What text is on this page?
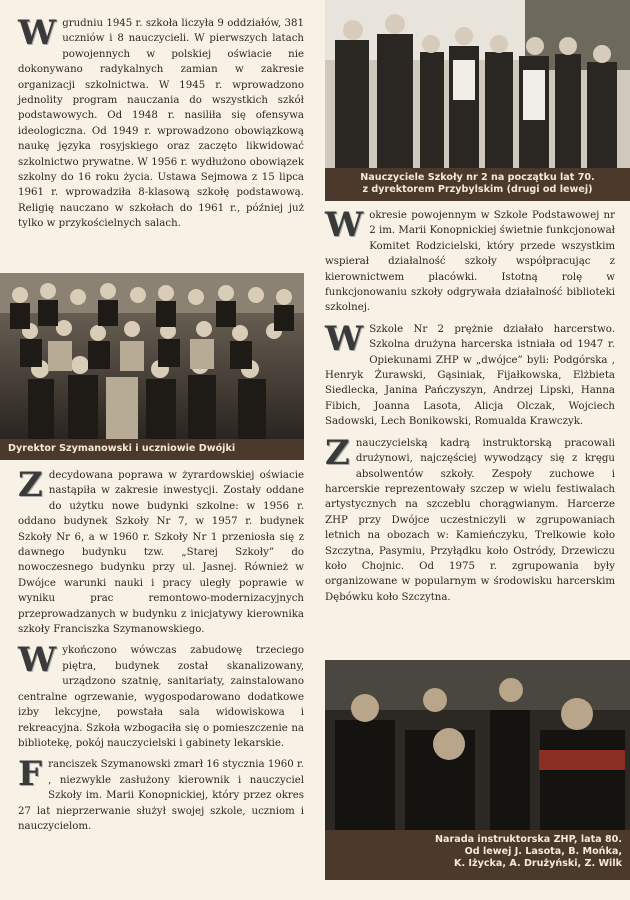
Wgrudniu 1945 r. szkoła liczyła 9 oddziałów, 381 uczniów i 8 nauczycieli. W pierwszych latach powojennych w polskiej oświacie nie dokonywano radykalnych zamian w zakresie organizacji szkolnictwa. W 1945 r. wprowadzono jednolity program nauczania do wszystkich szkół podstawowych. Od 1948 r. nasiliła się ofensywa ideologiczna. Od 1949 r. wprowadzono obowiązkową naukę języka rosyjskiego oraz zaczęto likwidować szkolnictwo prywatne. W 1956 r. wydłużono obowiązek szkolny do 16 roku życia. Ustawa Sejmowa z 15 lipca 1961 r. wprowadziła 8-klasową szkołę podstawową. Religię nauczano w szkołach do 1961 r., później już tylko w przykościelnych salach.

Dyrektor Szymanowski i uczniowie Dwójki

Zdecydowana poprawa w żyrardowskiej oświacie nastąpiła w zakresie inwestycji. Zostały oddane do użytku nowe budynki szkolne: w 1956 r. oddano budynek Szkoły Nr 7, w 1957 r. budynek Szkoły Nr 6, a w 1960 r. Szkoły Nr 1 przeniosła się z dawnego budynku tzw. „Starej Szkoły” do nowoczesnego budynku przy ul. Jasnej. Również w Dwójce warunki nauki i pracy uległy poprawie w wyniku prac remontowo-modernizacyjnych przeprowadzanych w budynku z inicjatywy kierownika szkoły Franciszka Szymanowskiego.

Wykończono wówczas zabudowę trzeciego piętra, budynek został skanalizowany, urządzono szatnię, sanitariaty, zainstalowano centralne ogrzewanie, wygospodarowano dodatkowe izby lekcyjne, powstała sala widowiskowa i rekreacyjna. Szkoła wzbogaciła się o pomieszczenie na bibliotekę, pokój nauczycielski i gabinety lekarskie.

Franciszek Szymanowski zmarł 16 stycznia 1960 r. , niezwykle zasłużony kierownik i nauczyciel Szkoły im. Marii Konopnickiej, który przez okres 27 lat nieprzerwanie służył swojej szkole, uczniom i nauczycielom.

Nauczyciele Szkoły nr 2 na początku lat 70.
z dyrektorem Przybylskim (drugi od lewej)

Wokresie powojennym w Szkole Podstawowej nr 2 im. Marii Konopnickiej świetnie funkcjonował Komitet Rodzicielski, który przede wszystkim wspierał działalność szkoły współpracując z kierownictwem placówki. Istotną rolę w funkcjonowaniu szkoły odgrywała działalność biblioteki szkolnej.

W Szkole Nr 2 prężnie działało harcerstwo. Szkolna drużyna harcerska istniała od 1947 r. Opiekunami ZHP w „dwójce” byli: Podgórska , Henryk Żurawski, Gąsiniak, Fijałkowska, Elżbieta Siedlecka, Janina Pańczyszyn, Andrzej Lipski, Hanna Fibich, Joanna Lasota, Alicja Olczak, Wojciech Sadowski, Lech Bonikowski, Romualda Krawczyk.

Znauczycielską kadrą instruktorską pracowali drużynowi, najczęściej wywodzący się z kręgu absolwentów szkoły. Zespoły zuchowe i harcerskie reprezentowały szczep w wielu festiwalach artystycznych na szczeblu chorągwianym. Harcerze ZHP przy Dwójce uczestniczyli w zgrupowaniach letnich na obozach w: Kamieńczyku, Trelkowie koło Szczytna, Pasymiu, Przyłądku koło Ostródy, Drzewiczu koło Chojnic. Od 1975 r. zgrupowania były organizowane w popularnym w środowisku harcerskim Dębówku koło Szczytna.

Narada instruktorska ZHP, lata 80.
Od lewej J. Lasota, B. Mońka,
K. Iżycka, A. Drużyński, Z. Wilk
